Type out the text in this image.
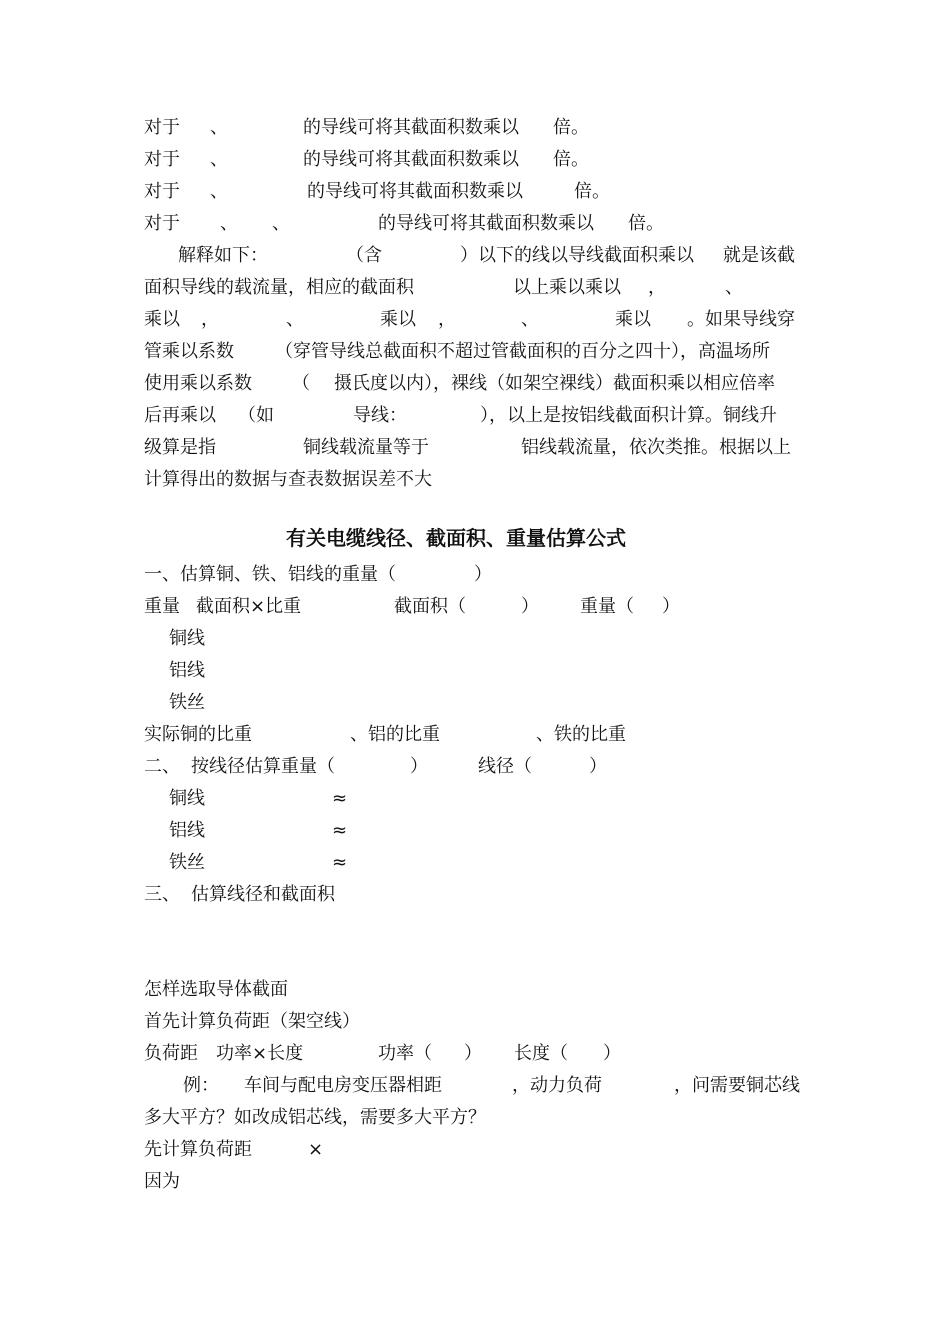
对于 、	的导线可将其截面积数乘以 倍。
对于 、	的导线可将其截面积数乘以 倍。
对于 、	的导线可将其截面积数乘以	倍。
对于 、 、	的导线可将其截面积数乘以 倍。
解释如下：	（含	）以下的线以导线截面积乘以 就是该截
面积导线的载流量，相应的截面积	以上乘以乘以 ，	、
乘以 ，	、	乘以 ，	、	乘以 。如果导线穿
管乘以系数 （穿管导线总截面积不超过管截面积的百分之四十），高温场所
使用乘以系数 （ 摄氏度以内），裸线（如架空裸线）截面积乘以相应倍率
后再乘以 （如	导线：	），以上是按铝线截面积计算。铜线升
级算是指	铜线载流量等于	铝线载流量，依次类推。根据以上
计算得出的数据与查表数据误差不大
有关电缆线径、截面积、重量估算公式
一、估算铜、铁、铝线的重量（	）
重量 截面积×比重	截面积（	） 重量（ ）
铜线
铝线
铁丝
实际铜的比重	、铝的比重	、铁的比重
二、 按线径估算重量（	）	线径（	）
铜线	≈
铝线	≈
铁丝	≈
三、 估算线径和截面积
怎样选取导体截面
首先计算负荷距（架空线）
负荷距 功率×长度	功率（ ） 长度（ ）
例： 车间与配电房变压器相距	，动力负荷	，问需要铜芯线
多大平方？如改成铝芯线，需要多大平方？
先计算负荷距	×
因为
